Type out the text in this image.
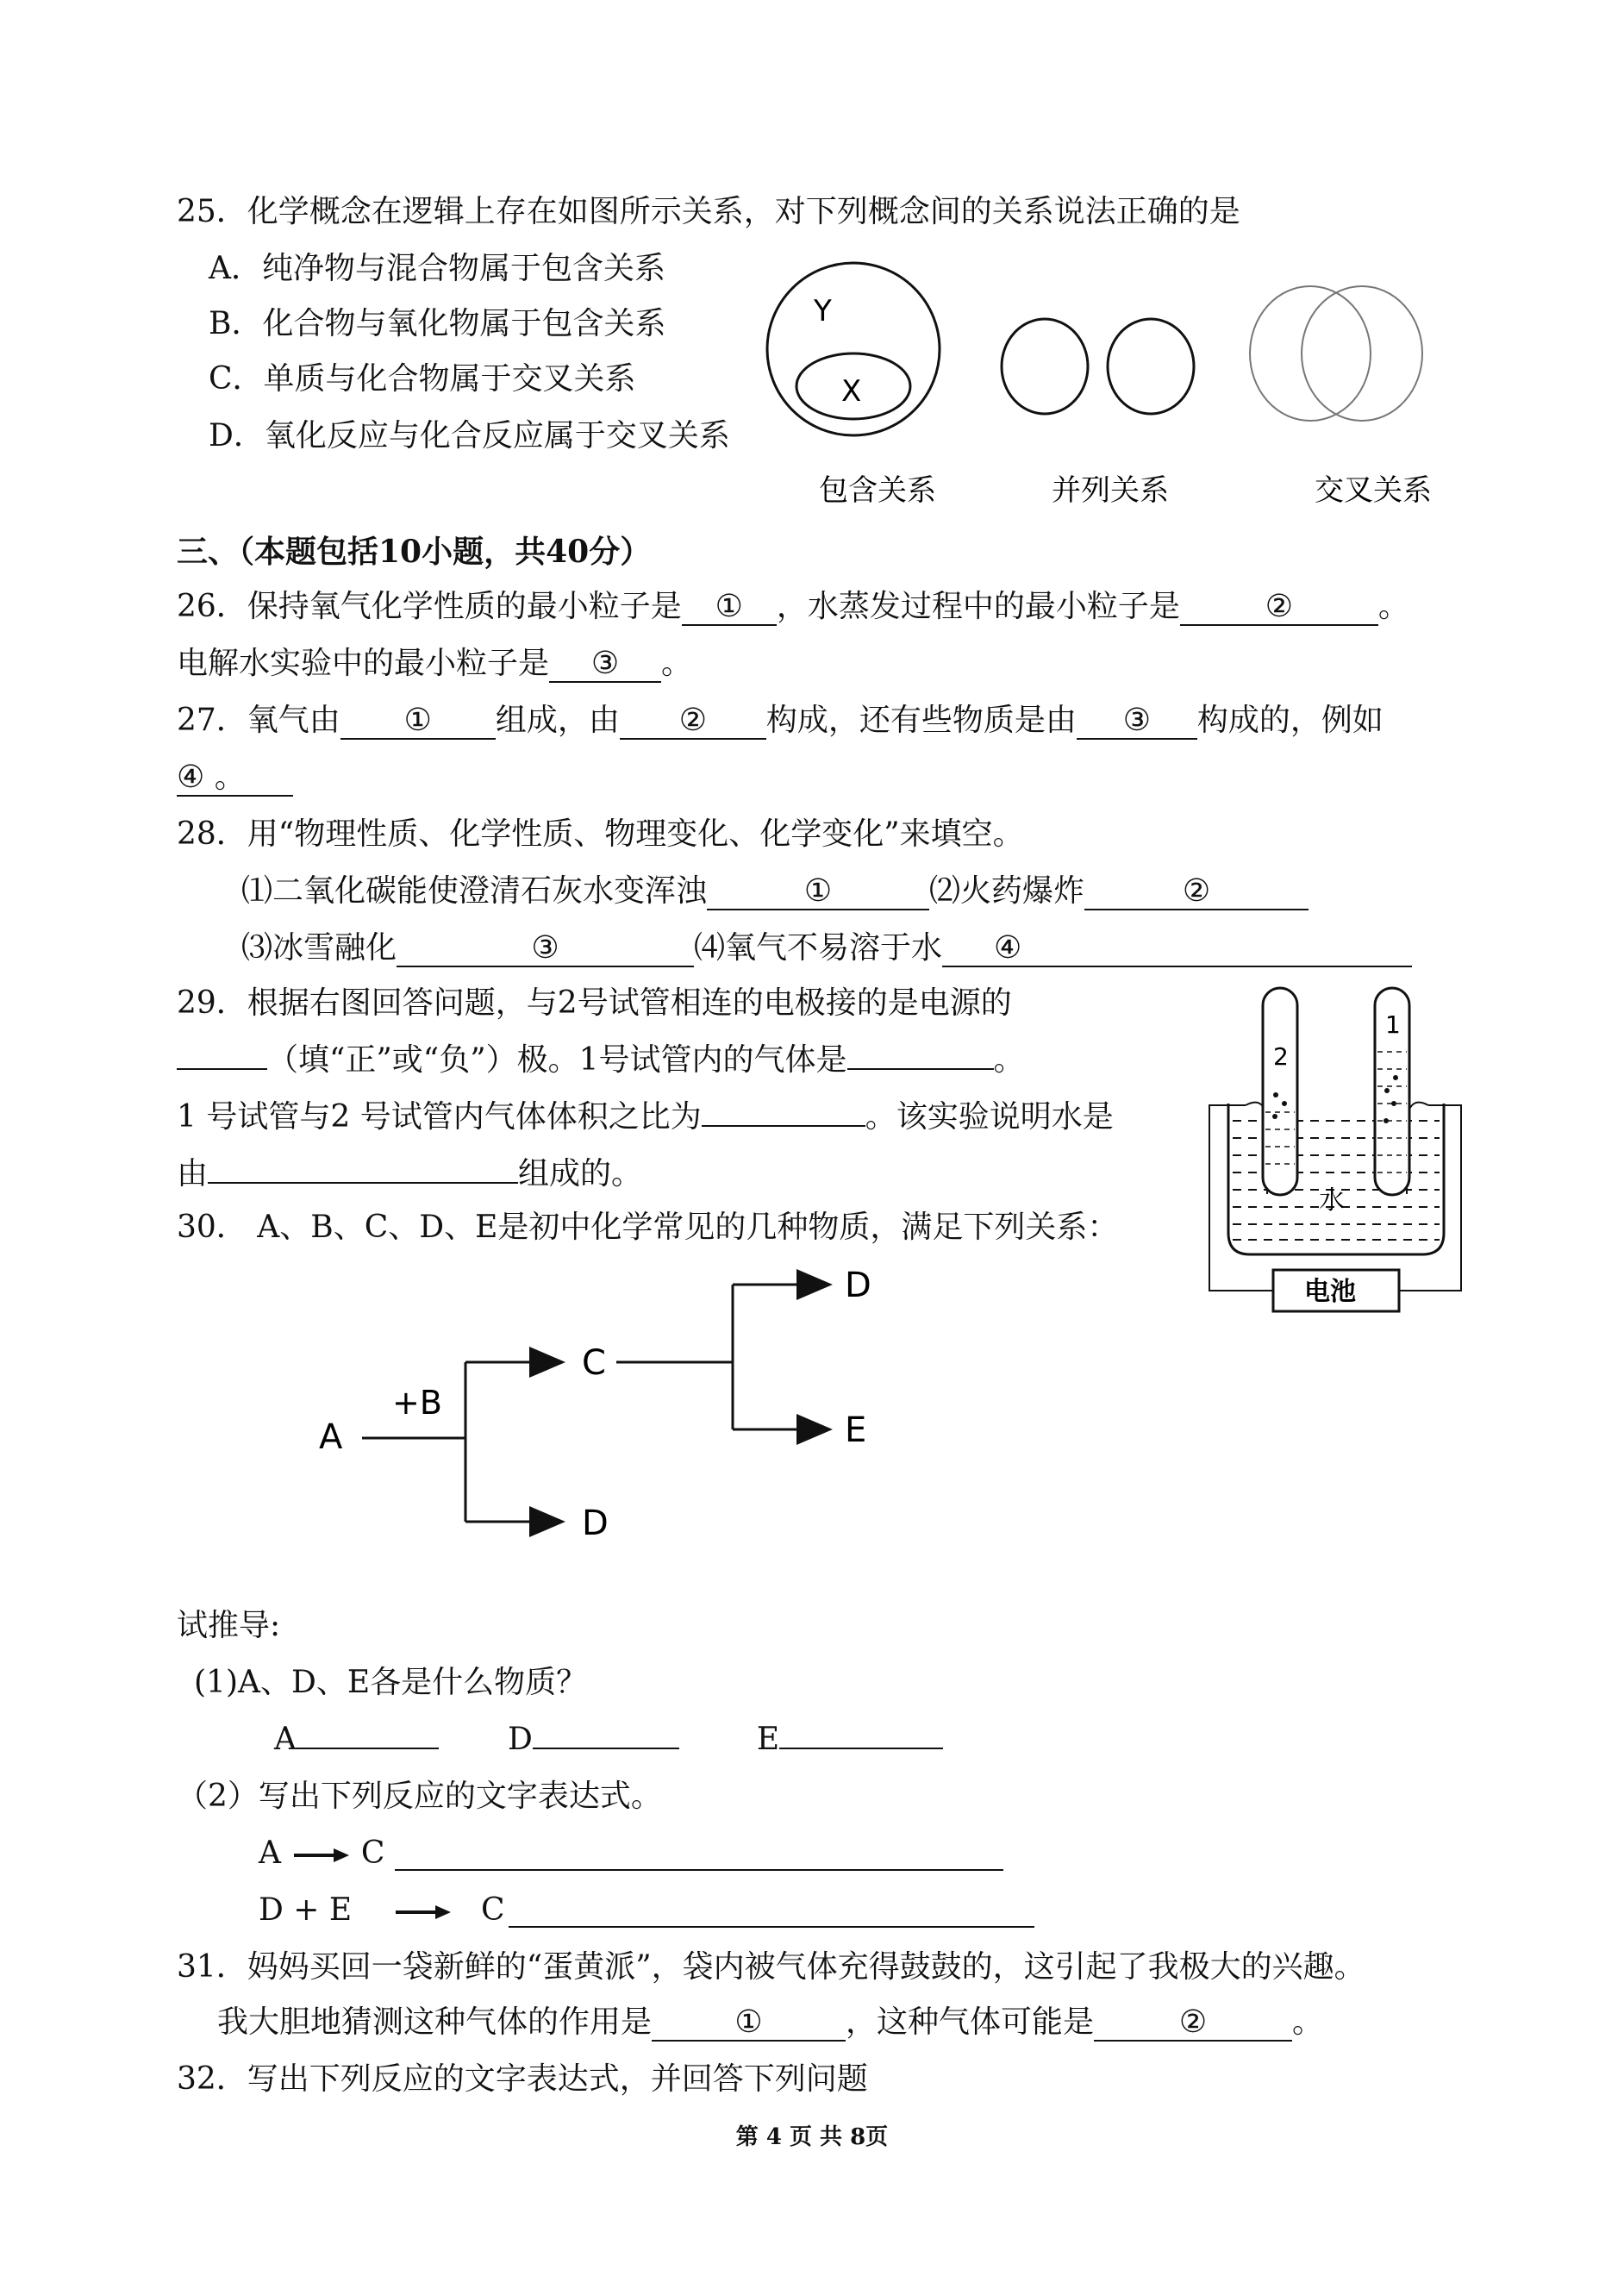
25．化学概念在逻辑上存在如图所示关系，对下列概念间的关系说法正确的是
A．纯净物与混合物属于包含关系
B．化合物与氧化物属于包含关系
C．单质与化合物属于交叉关系
D．氧化反应与化合反应属于交叉关系
Y
X
包含关系	并列关系	交叉关系
三、（本题包括10小题，共40分）
26．保持氧气化学性质的最小粒子是 ① ，水蒸发过程中的最小粒子是	②	。
电解水实验中的最小粒子是 ③ 。
27．氧气由 ① 组成，由 ② 构成，还有些物质是由 ③ 构成的，例如
④ 。
28．用“物理性质、化学性质、物理变化、化学变化”来填空。
⑴二氧化碳能使澄清石灰水变浑浊	①	⑵火药爆炸	②
⑶冰雪融化	③	⑷氧气不易溶于水 ④
29．根据右图回答问题，与2号试管相连的电极接的是电源的
（填“正”或“负”）极。1号试管内的气体是	。
1 号试管与2 号试管内气体体积之比为	。该实验说明水是
由	组成的。
2
1
水
电池
30． A、B、C、D、E是初中化学常见的几种物质，满足下列关系：
A
+B
C
D
D
E
试推导:
(1)A、D、E各是什么物质？
A	D	E
（2）写出下列反应的文字表达式。
A	C
D + E	C
31．妈妈买回一袋新鲜的“蛋黄派”，袋内被气体充得鼓鼓的，这引起了我极大的兴趣。
我大胆地猜测这种气体的作用是	①	，这种气体可能是	②	。
32．写出下列反应的文字表达式，并回答下列问题
第 4 页 共 8页
